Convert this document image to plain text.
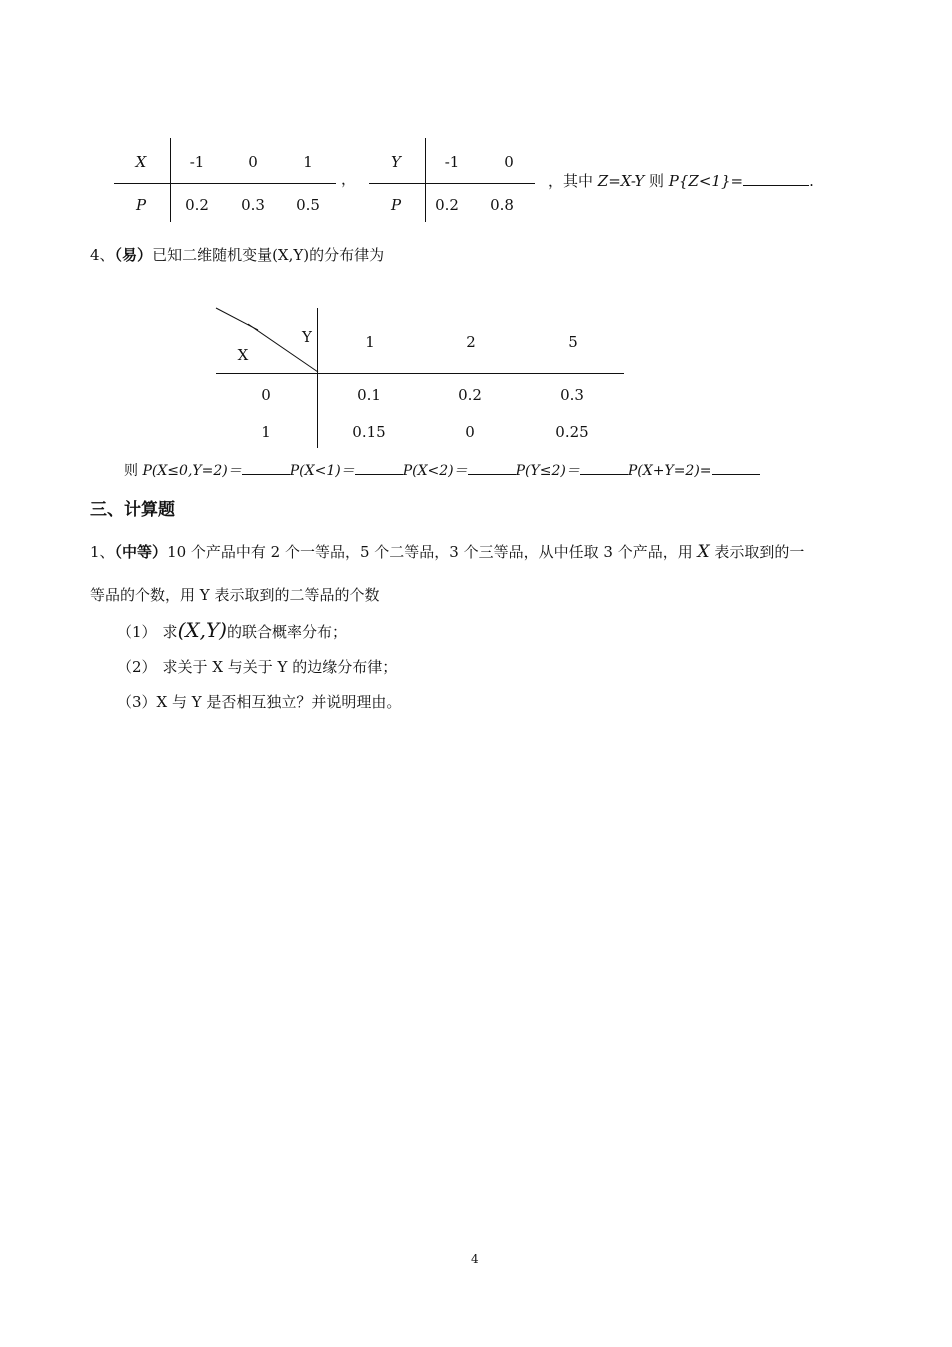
X	-1	0	1
P	0.2	0.3	0.5
，
Y	-1	0
P	0.2	0.8
，其中 Z=X-Y 则 P{Z<1}=	.
4、（易）已知二维随机变量(X,Y)的分布律为
Y
X
1	2	5
0	0.1	0.2	0.3
1	0.15	0	0.25
则 P(X≤0,Y=2)＝	P(X<1)＝	P(X<2)＝	P(Y≤2)＝	P(X+Y=2)=
三、计算题
1、（中等）10 个产品中有 2 个一等品，5 个二等品，3 个三等品，从中任取 3 个产品，用 X 表示取到的一
等品的个数，用 Y 表示取到的二等品的个数
（1） 求(X,Y)的联合概率分布；
（2） 求关于 X 与关于 Y 的边缘分布律；
（3）X 与 Y 是否相互独立？并说明理由。
4
